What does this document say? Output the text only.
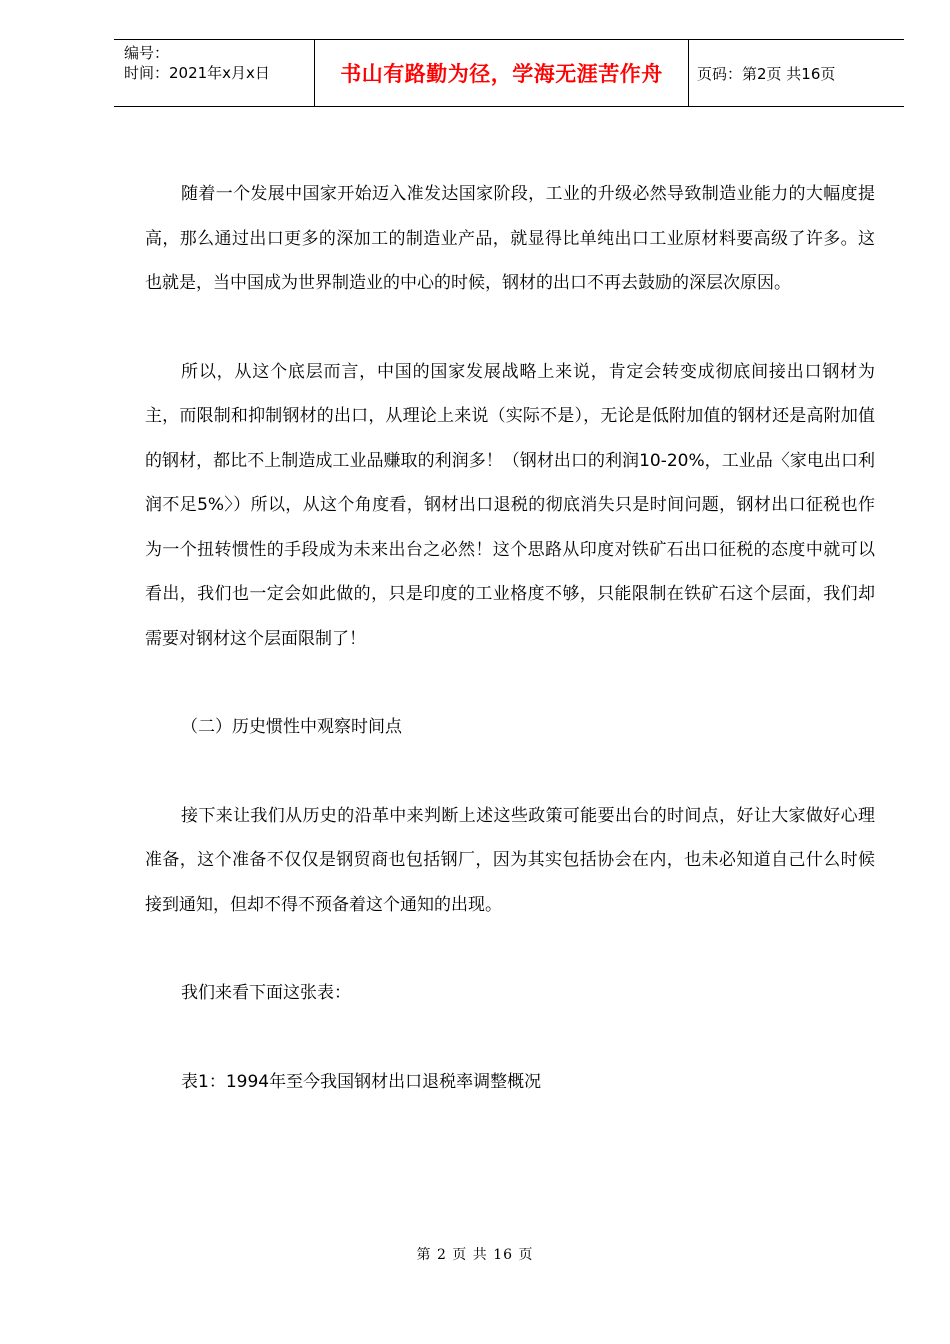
编号：
时间：2021年x月x日	书山有路勤为径，学海无涯苦作舟	页码：第2页 共16页

随着一个发展中国家开始迈入准发达国家阶段，工业的升级必然导致制造业能力的大幅度提高，那么通过出口更多的深加工的制造业产品，就显得比单纯出口工业原材料要高级了许多。这也就是，当中国成为世界制造业的中心的时候，钢材的出口不再去鼓励的深层次原因。

所以，从这个底层而言，中国的国家发展战略上来说，肯定会转变成彻底间接出口钢材为主，而限制和抑制钢材的出口，从理论上来说（实际不是），无论是低附加值的钢材还是高附加值的钢材，都比不上制造成工业品赚取的利润多！（钢材出口的利润10-20%，工业品〈家电出口利润不足5%〉）所以，从这个角度看，钢材出口退税的彻底消失只是时间问题，钢材出口征税也作为一个扭转惯性的手段成为未来出台之必然！这个思路从印度对铁矿石出口征税的态度中就可以看出，我们也一定会如此做的，只是印度的工业格度不够，只能限制在铁矿石这个层面，我们却需要对钢材这个层面限制了！

（二）历史惯性中观察时间点

接下来让我们从历史的沿革中来判断上述这些政策可能要出台的时间点，好让大家做好心理准备，这个准备不仅仅是钢贸商也包括钢厂，因为其实包括协会在内，也未必知道自己什么时候接到通知，但却不得不预备着这个通知的出现。

我们来看下面这张表：

表1：1994年至今我国钢材出口退税率调整概况

第 2 页 共 16 页
